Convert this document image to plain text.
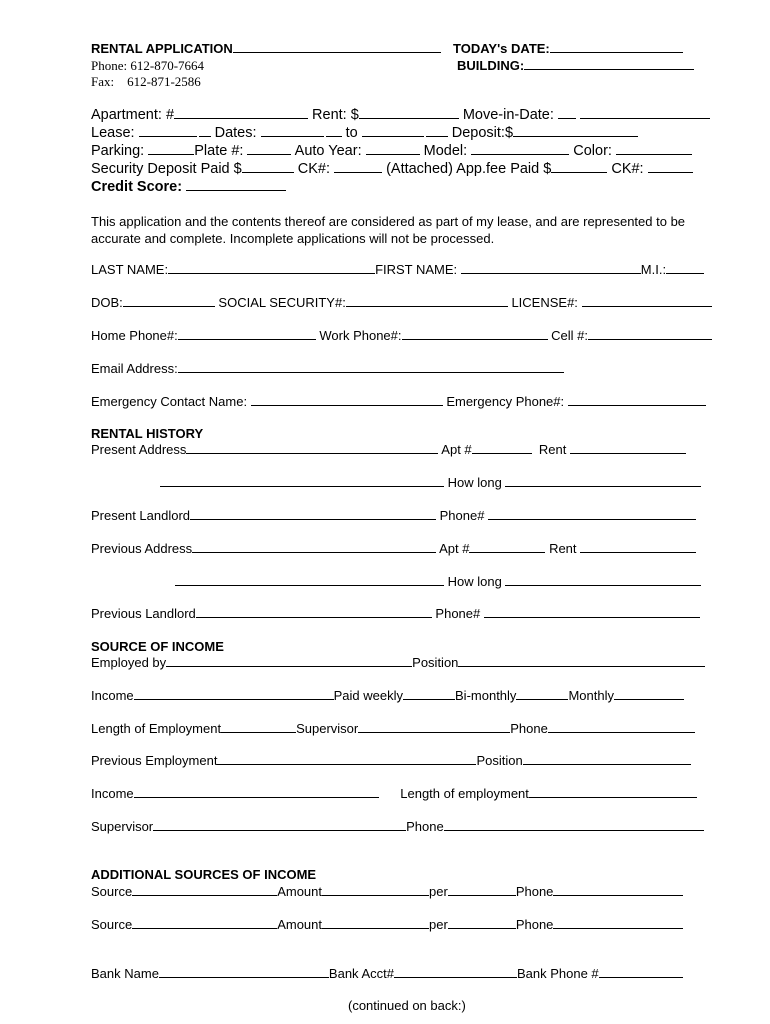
RENTAL APPLICATION
Phone: 612-870-7664
Fax:    612-871-2586
TODAY's DATE:
BUILDING:
Apartment: #	Rent: $	Move-in-Date:
Lease:	Dates:	to	Deposit:$
Parking:	Plate #:	Auto Year:	Model:	Color:
Security Deposit Paid $	CK#:	(Attached) App.fee Paid $	CK#:
Credit Score:
This application and the contents thereof are considered as part of my lease, and are represented to be accurate and complete. Incomplete applications will not be processed.
LAST NAME:	FIRST NAME:	M.I.:
DOB:	SOCIAL SECURITY#:	LICENSE#:
Home Phone#:	Work Phone#:	Cell #:
Email Address:
Emergency Contact Name:	Emergency Phone#:
RENTAL HISTORY
Present Address	Apt #	Rent
How long
Present Landlord	Phone#
Previous Address	Apt #	Rent
How long
Previous Landlord	Phone#
SOURCE OF INCOME
Employed by	Position
Income	Paid weekly	Bi-monthly	Monthly
Length of Employment	Supervisor	Phone
Previous Employment	Position
Income	Length of employment
Supervisor	Phone
ADDITIONAL SOURCES OF INCOME
Source	Amount	per	Phone
Source	Amount	per	Phone
Bank Name	Bank Acct#	Bank Phone #
(continued on back:)
